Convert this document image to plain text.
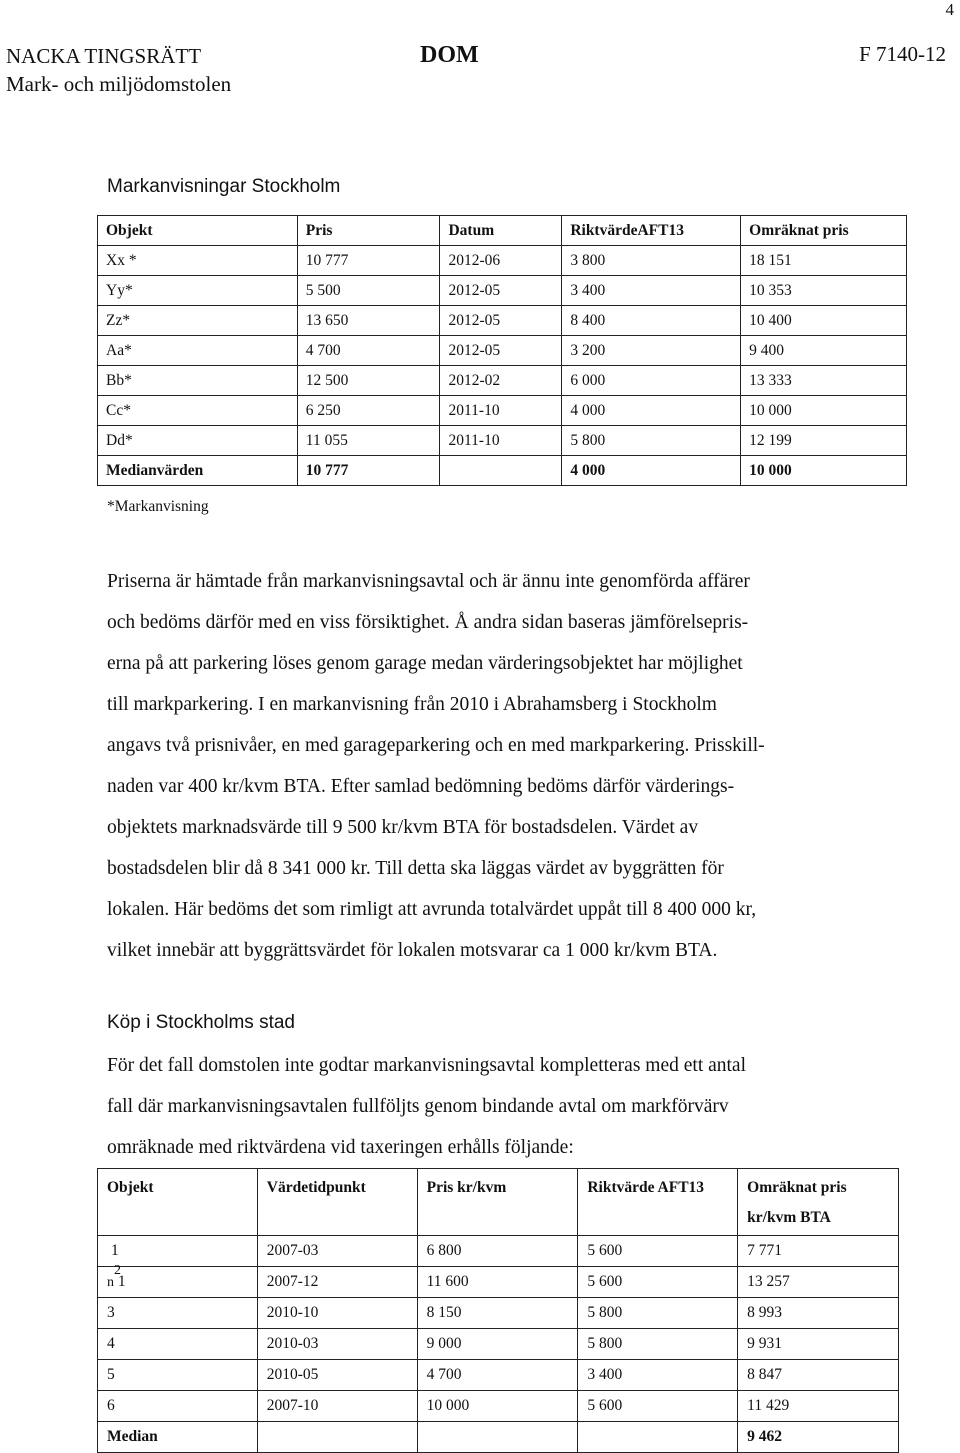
4
NACKA TINGSRÄTT
Mark- och miljödomstolen
DOM	F 7140-12
Markanvisningar Stockholm
Objekt	Pris	Datum	RiktvärdeAFT13	Omräknat pris
Xx *	10 777	2012-06	3 800	18 151
Yy*	5 500	2012-05	3 400	10 353
Zz*	13 650	2012-05	8 400	10 400
Aa*	4 700	2012-05	3 200	9 400
Bb*	12 500	2012-02	6 000	13 333
Cc*	6 250	2011-10	4 000	10 000
Dd*	11 055	2011-10	5 800	12 199
Medianvärden	10 777		4 000	10 000
*Markanvisning

Priserna är hämtade från markanvisningsavtal och är ännu inte genomförda affärer

och bedöms därför med en viss försiktighet. Å andra sidan baseras jämförelsepris-

erna på att parkering löses genom garage medan värderingsobjektet har möjlighet

till markparkering. I en markanvisning från 2010 i Abrahamsberg i Stockholm

angavs två prisnivåer, en med garageparkering och en med markparkering. Prisskill-

naden var 400 kr/kvm BTA. Efter samlad bedömning bedöms därför värderings-

objektets marknadsvärde till 9 500 kr/kvm BTA för bostadsdelen. Värdet av

bostadsdelen blir då 8 341 000 kr. Till detta ska läggas värdet av byggrätten för

lokalen. Här bedöms det som rimligt att avrunda totalvärdet uppåt till 8 400 000 kr,

vilket innebär att byggrättsvärdet för lokalen motsvarar ca 1 000 kr/kvm BTA.

Köp i Stockholms stad

För det fall domstolen inte godtar markanvisningsavtal kompletteras med ett antal

fall där markanvisningsavtalen fullföljts genom bindande avtal om markförvärv

omräknade med riktvärdena vid taxeringen erhålls följande:

Objekt	Värdetidpunkt	Pris kr/kvm	Riktvärde AFT13	Omräknat pris kr/kvm BTA
1	2007-03	6 800	5 600	7 771

2
n 1	2007-12	11 600	5 600	13 257
3	2010-10	8 150	5 800	8 993
4	2010-03	9 000	5 800	9 931
5	2010-05	4 700	3 400	8 847
6	2007-10	10 000	5 600	11 429
Median				9 462
